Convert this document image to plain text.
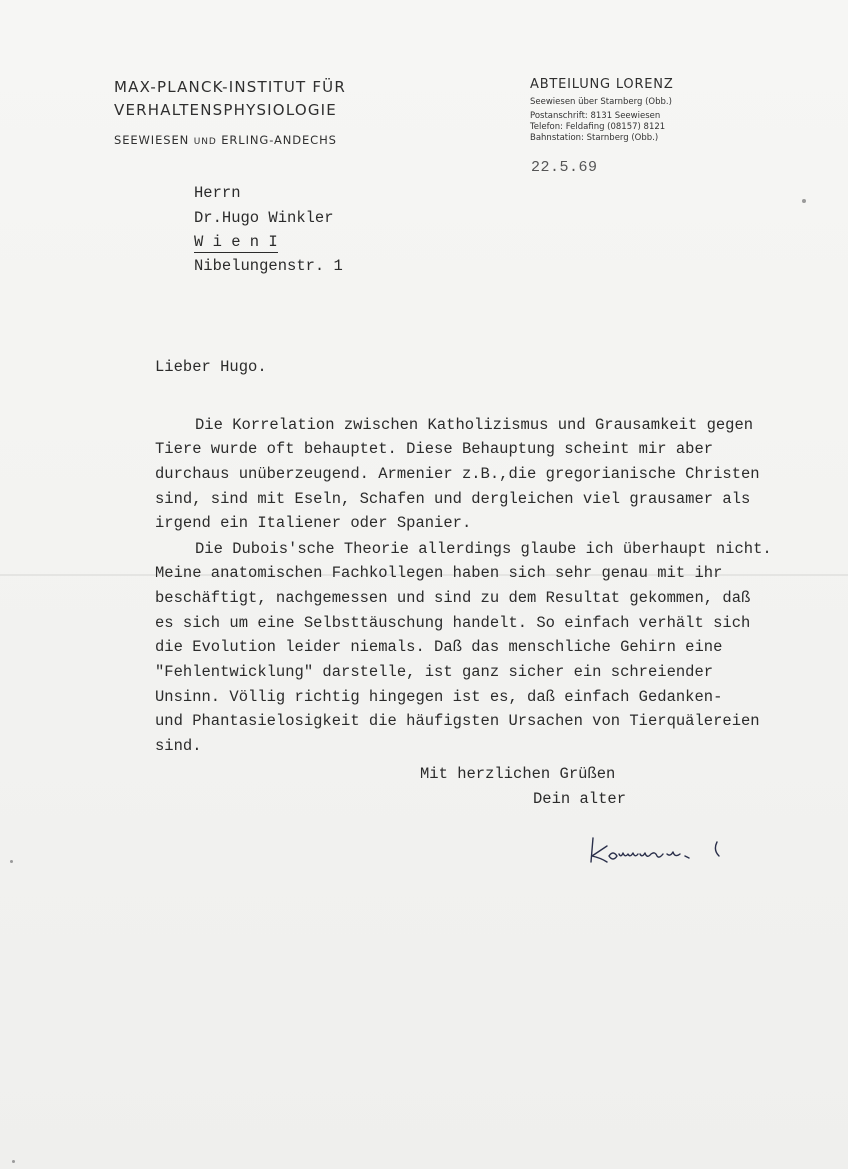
MAX-PLANCK-INSTITUT FÜR
VERHALTENSPHYSIOLOGIE
SEEWIESEN UND ERLING-ANDECHS
ABTEILUNG LORENZ
Seewiesen über Starnberg (Obb.)
Postanschrift: 8131 Seewiesen
Telefon: Feldafing (08157) 8121
Bahnstation: Starnberg (Obb.)
22.5.69
Herrn
Dr.Hugo Winkler
W i e n I
Nibelungenstr. 1
Lieber Hugo.
Die Korrelation zwischen Katholizismus und Grausamkeit gegen
Tiere wurde oft behauptet. Diese Behauptung scheint mir aber
durchaus unüberzeugend. Armenier z.B.,die gregorianische Christen
sind, sind mit Eseln, Schafen und dergleichen viel grausamer als
irgend ein Italiener oder Spanier.
Die Dubois'sche Theorie allerdings glaube ich überhaupt nicht.
Meine anatomischen Fachkollegen haben sich sehr genau mit ihr
beschäftigt, nachgemessen und sind zu dem Resultat gekommen, daß
es sich um eine Selbsttäuschung handelt. So einfach verhält sich
die Evolution leider niemals. Daß das menschliche Gehirn eine
"Fehlentwicklung" darstelle, ist ganz sicher ein schreiender
Unsinn. Völlig richtig hingegen ist es, daß einfach Gedanken-
und Phantasielosigkeit die häufigsten Ursachen von Tierquälereien
sind.
Mit herzlichen Grüßen
Dein alter
